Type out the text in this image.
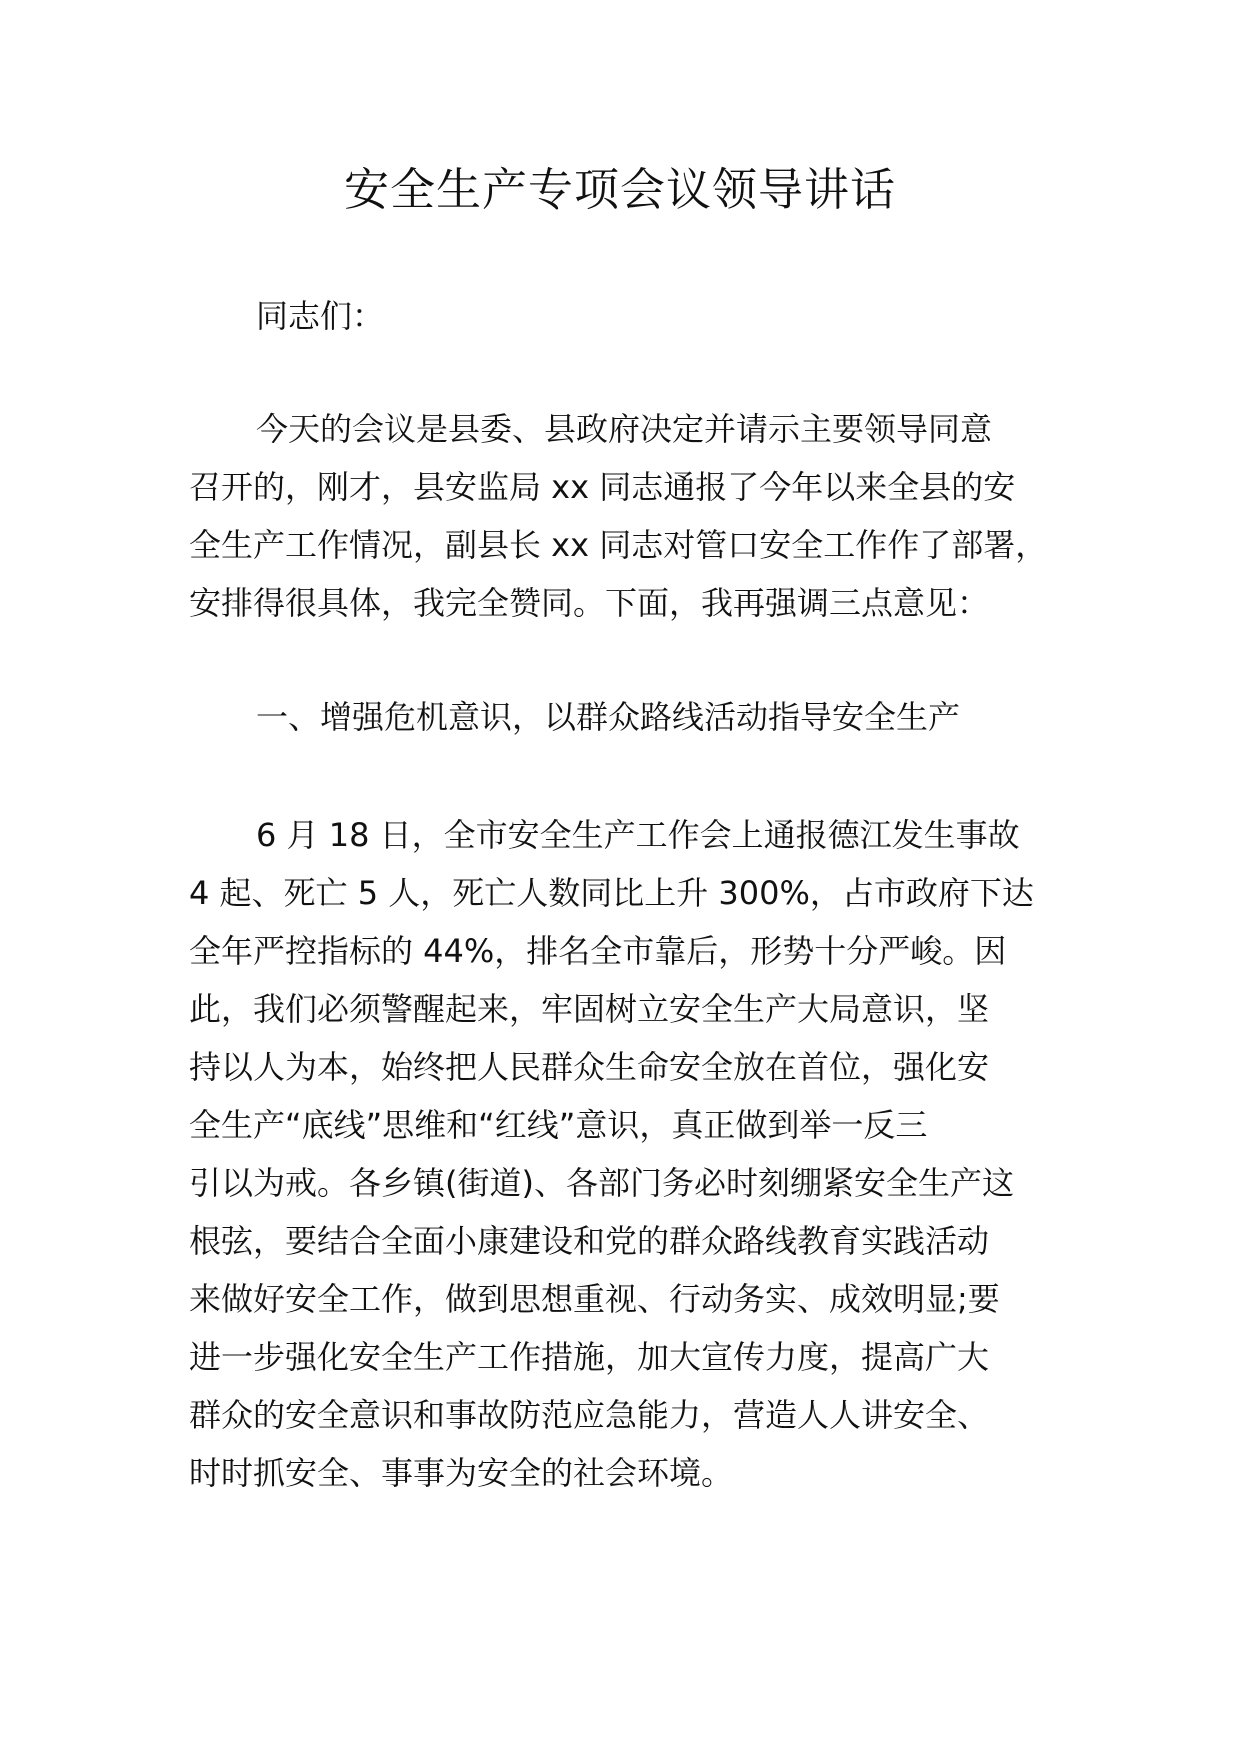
安全生产专项会议领导讲话

同志们：

今天的会议是县委、县政府决定并请示主要领导同意

召开的，刚才，县安监局 xx 同志通报了今年以来全县的安

全生产工作情况，副县长 xx 同志对管口安全工作作了部署，

安排得很具体，我完全赞同。下面，我再强调三点意见：

一、增强危机意识，以群众路线活动指导安全生产

6 月 18 日，全市安全生产工作会上通报德江发生事故

4 起、死亡 5 人，死亡人数同比上升 300%，占市政府下达

全年严控指标的 44%，排名全市靠后，形势十分严峻。因

此，我们必须警醒起来，牢固树立安全生产大局意识，坚

持以人为本，始终把人民群众生命安全放在首位，强化安

全生产“底线”思维和“红线”意识，真正做到举一反三

引以为戒。各乡镇(街道)、各部门务必时刻绷紧安全生产这

根弦，要结合全面小康建设和党的群众路线教育实践活动

来做好安全工作，做到思想重视、行动务实、成效明显;要

进一步强化安全生产工作措施，加大宣传力度，提高广大

群众的安全意识和事故防范应急能力，营造人人讲安全、

时时抓安全、事事为安全的社会环境。
